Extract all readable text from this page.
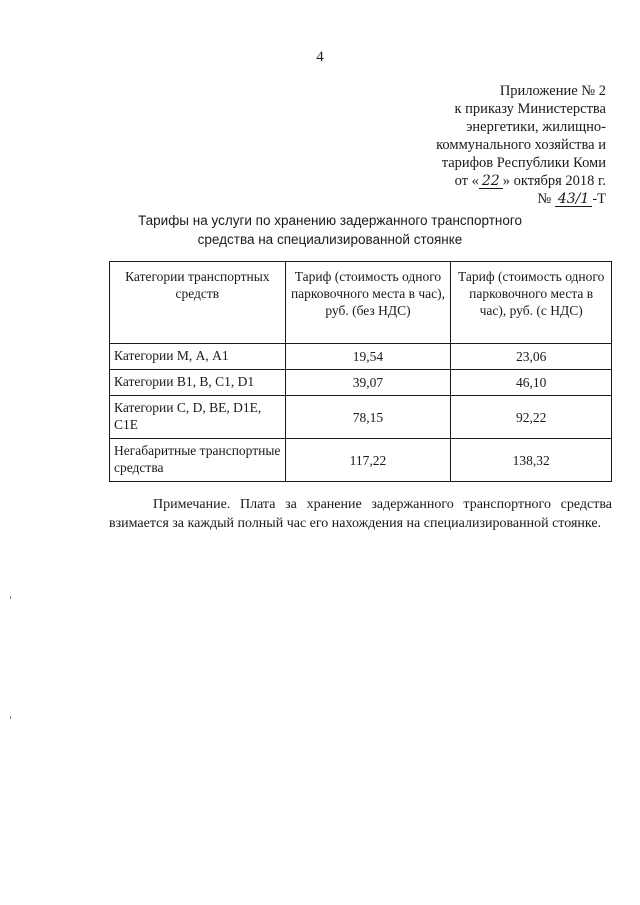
4
Приложение № 2
к приказу Министерства
энергетики, жилищно-
коммунального хозяйства и
тарифов Республики Коми
от « 22 » октября 2018 г.
№ 43/1 -Т
Тарифы на услуги по хранению задержанного транспортного
средства на специализированной стоянке
Категории транспортных средств	Тариф (стоимость одного парковочного места в час), руб. (без НДС)	Тариф (стоимость одного парковочного места в час), руб. (с НДС)
Категории М, А, А1	19,54	23,06
Категории В1, В, С1, D1	39,07	46,10
Категории С, D, ВЕ, D1Е, С1Е	78,15	92,22
Негабаритные транспортные средства	117,22	138,32
Примечание. Плата за хранение задержанного транспортного средства взимается за каждый полный час его нахождения на специализированной стоянке.
